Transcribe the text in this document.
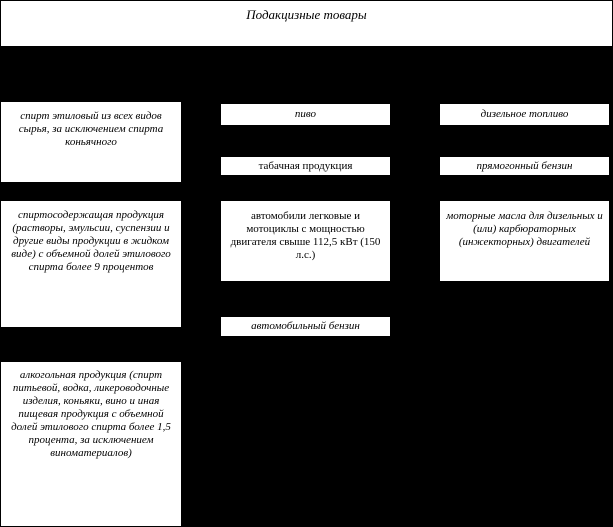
Подакцизные товары
спирт этиловый из всех видов сырья, за исключением спирта коньячного
спиртосодержащая продукция (растворы, эмульсии, суспензии и другие виды продукции в жидком виде) с объемной долей этилового спирта более 9 процентов
алкогольная продукция (спирт питьевой, водка, ликероводочные изделия, коньяки, вино и иная пищевая продукция с объемной долей этилового спирта более 1,5 процента, за исключением виноматериалов)
пиво
табачная продукция
автомобили легковые и мотоциклы с мощностью двигателя свыше 112,5 кВт (150 л.с.)
автомобильный бензин
дизельное топливо
прямогонный бензин
моторные масла для дизельных и (или) карбюраторных (инжекторных) двигателей
